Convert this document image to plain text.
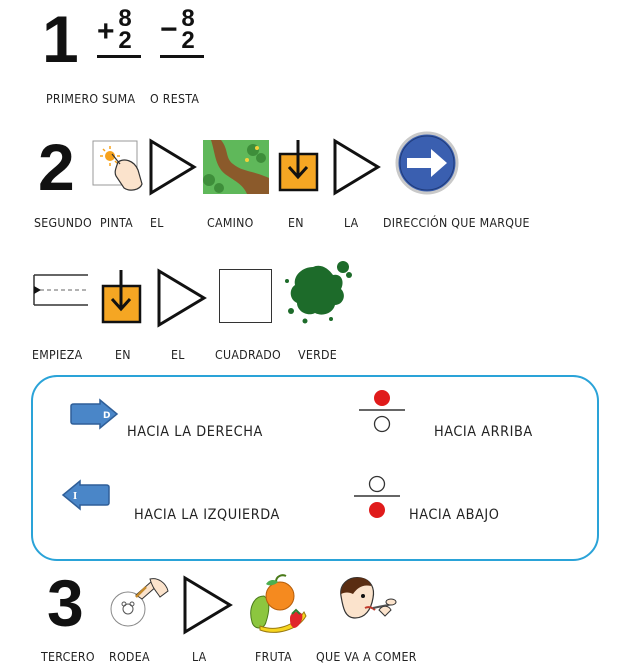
1 + 8
2 − 8
2
PRIMERO SUMA O RESTA
2
SEGUNDO PINTA EL	CAMINO	EN	LA DIRECCIÓN QUE MARQUE
EMPIEZA	EN	EL	CUADRADO VERDE
D
HACIA LA DERECHA	HACIA ARRIBA
I
HACIA LA IZQUIERDA	HACIA ABAJO
3
TERCERO RODEA	LA	FRUTA QUE VA A COMER
